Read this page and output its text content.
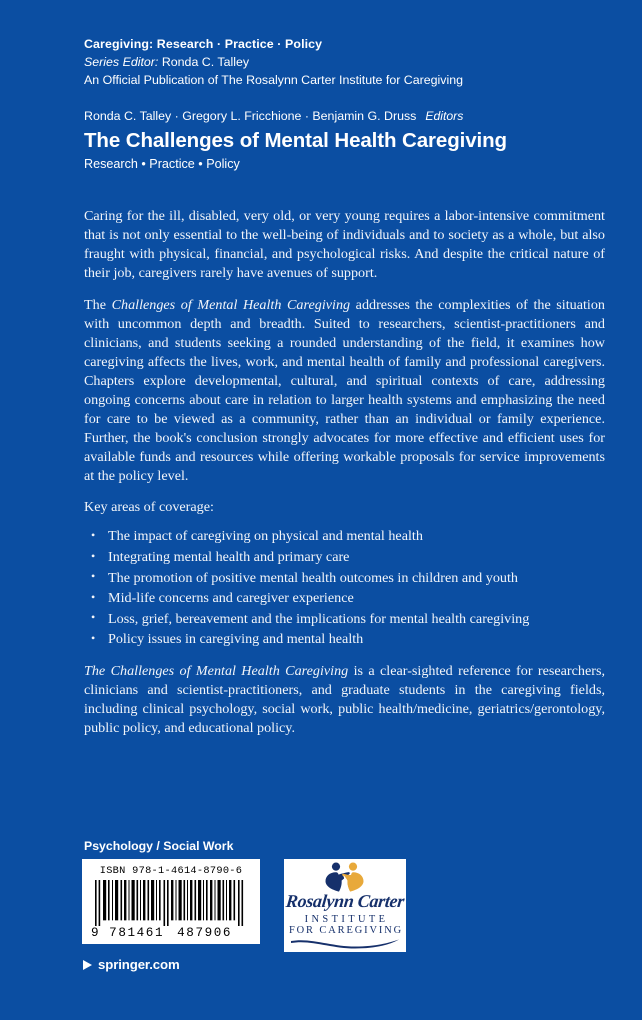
Caregiving: Research · Practice · Policy
Series Editor: Ronda C. Talley
An Official Publication of The Rosalynn Carter Institute for Caregiving
Ronda C. Talley · Gregory L. Fricchione · Benjamin G. Druss Editors
The Challenges of Mental Health Caregiving
Research • Practice • Policy

Caring for the ill, disabled, very old, or very young requires a labor-intensive commitment that is not only essential to the well-being of individuals and to society as a whole, but also fraught with physical, financial, and psychological risks. And despite the critical nature of their job, caregivers rarely have avenues of support.

The Challenges of Mental Health Caregiving addresses the complexities of the situation with uncommon depth and breadth. Suited to researchers, scientist-practitioners and clinicians, and students seeking a rounded understanding of the field, it examines how caregiving affects the lives, work, and mental health of family and professional caregivers. Chapters explore developmental, cultural, and spiritual contexts of care, addressing ongoing concerns about care in relation to larger health systems and emphasizing the need for care to be viewed as a community, rather than an individual or family experience. Further, the book's conclusion strongly advocates for more effective and efficient uses for available funds and resources while offering workable proposals for service improvements at the policy level.

Key areas of coverage:

• The impact of caregiving on physical and mental health
• Integrating mental health and primary care
• The promotion of positive mental health outcomes in children and youth
• Mid-life concerns and caregiver experience
• Loss, grief, bereavement and the implications for mental health caregiving
• Policy issues in caregiving and mental health

The Challenges of Mental Health Caregiving is a clear-sighted reference for researchers, clinicians and scientist-practitioners, and graduate students in the caregiving fields, including clinical psychology, social work, public health/medicine, geriatrics/gerontology, public policy, and educational policy.

Psychology / Social Work
ISBN 978-1-4614-8790-6
9 781461 487906
Rosalynn Carter
INSTITUTE
FOR CAREGIVING
springer.com
